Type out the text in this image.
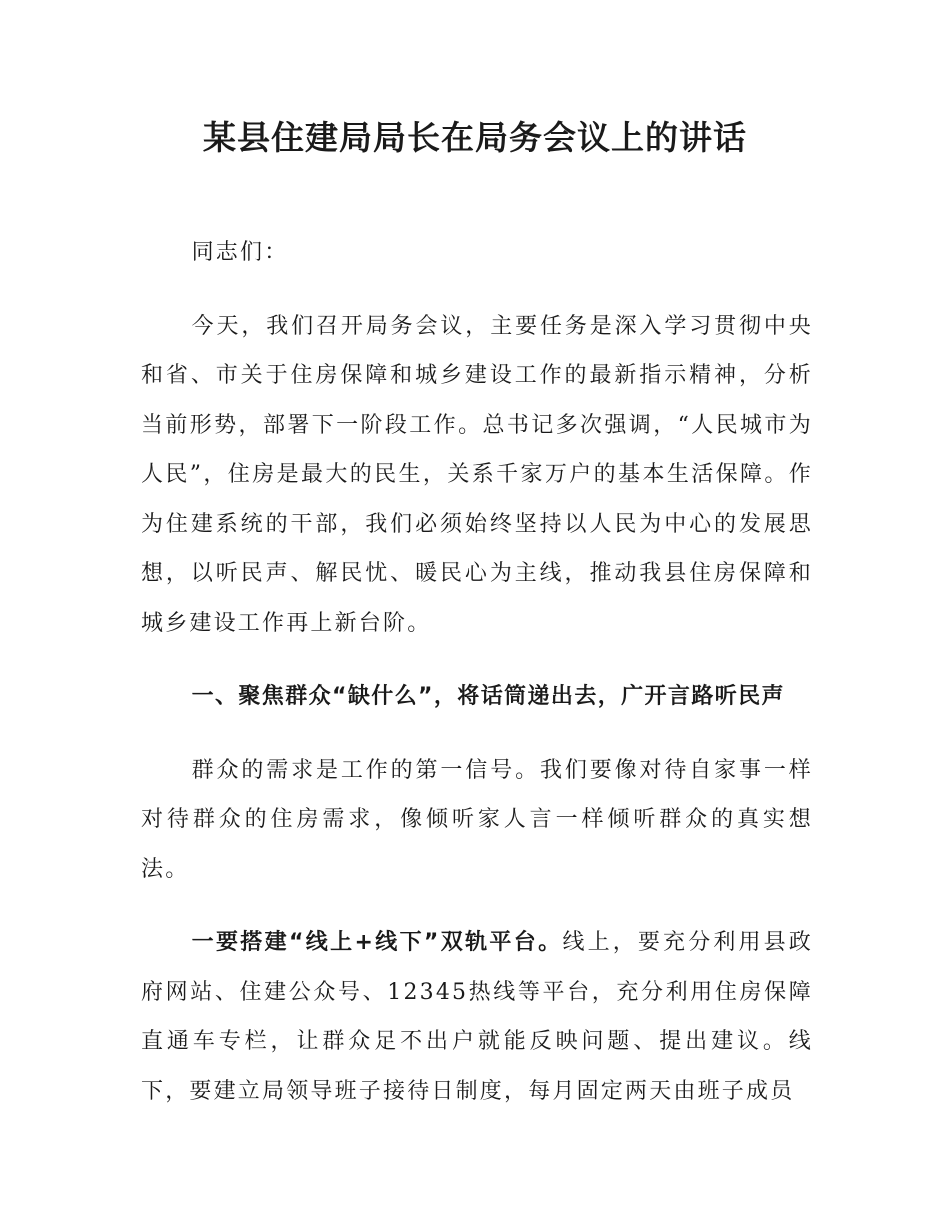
某县住建局局长在局务会议上的讲话

同志们：

今天，我们召开局务会议，主要任务是深入学习贯彻中央和省、市关于住房保障和城乡建设工作的最新指示精神，分析当前形势，部署下一阶段工作。总书记多次强调，“人民城市为人民”，住房是最大的民生，关系千家万户的基本生活保障。作为住建系统的干部，我们必须始终坚持以人民为中心的发展思想，以听民声、解民忧、暖民心为主线，推动我县住房保障和城乡建设工作再上新台阶。

一、聚焦群众“缺什么”，将话筒递出去，广开言路听民声

群众的需求是工作的第一信号。我们要像对待自家事一样对待群众的住房需求，像倾听家人言一样倾听群众的真实想法。

一要搭建“线上+线下”双轨平台。线上，要充分利用县政府网站、住建公众号、12345热线等平台，充分利用住房保障直通车专栏，让群众足不出户就能反映问题、提出建议。线下，要建立局领导班子接待日制度，每月固定两天由班子成员
